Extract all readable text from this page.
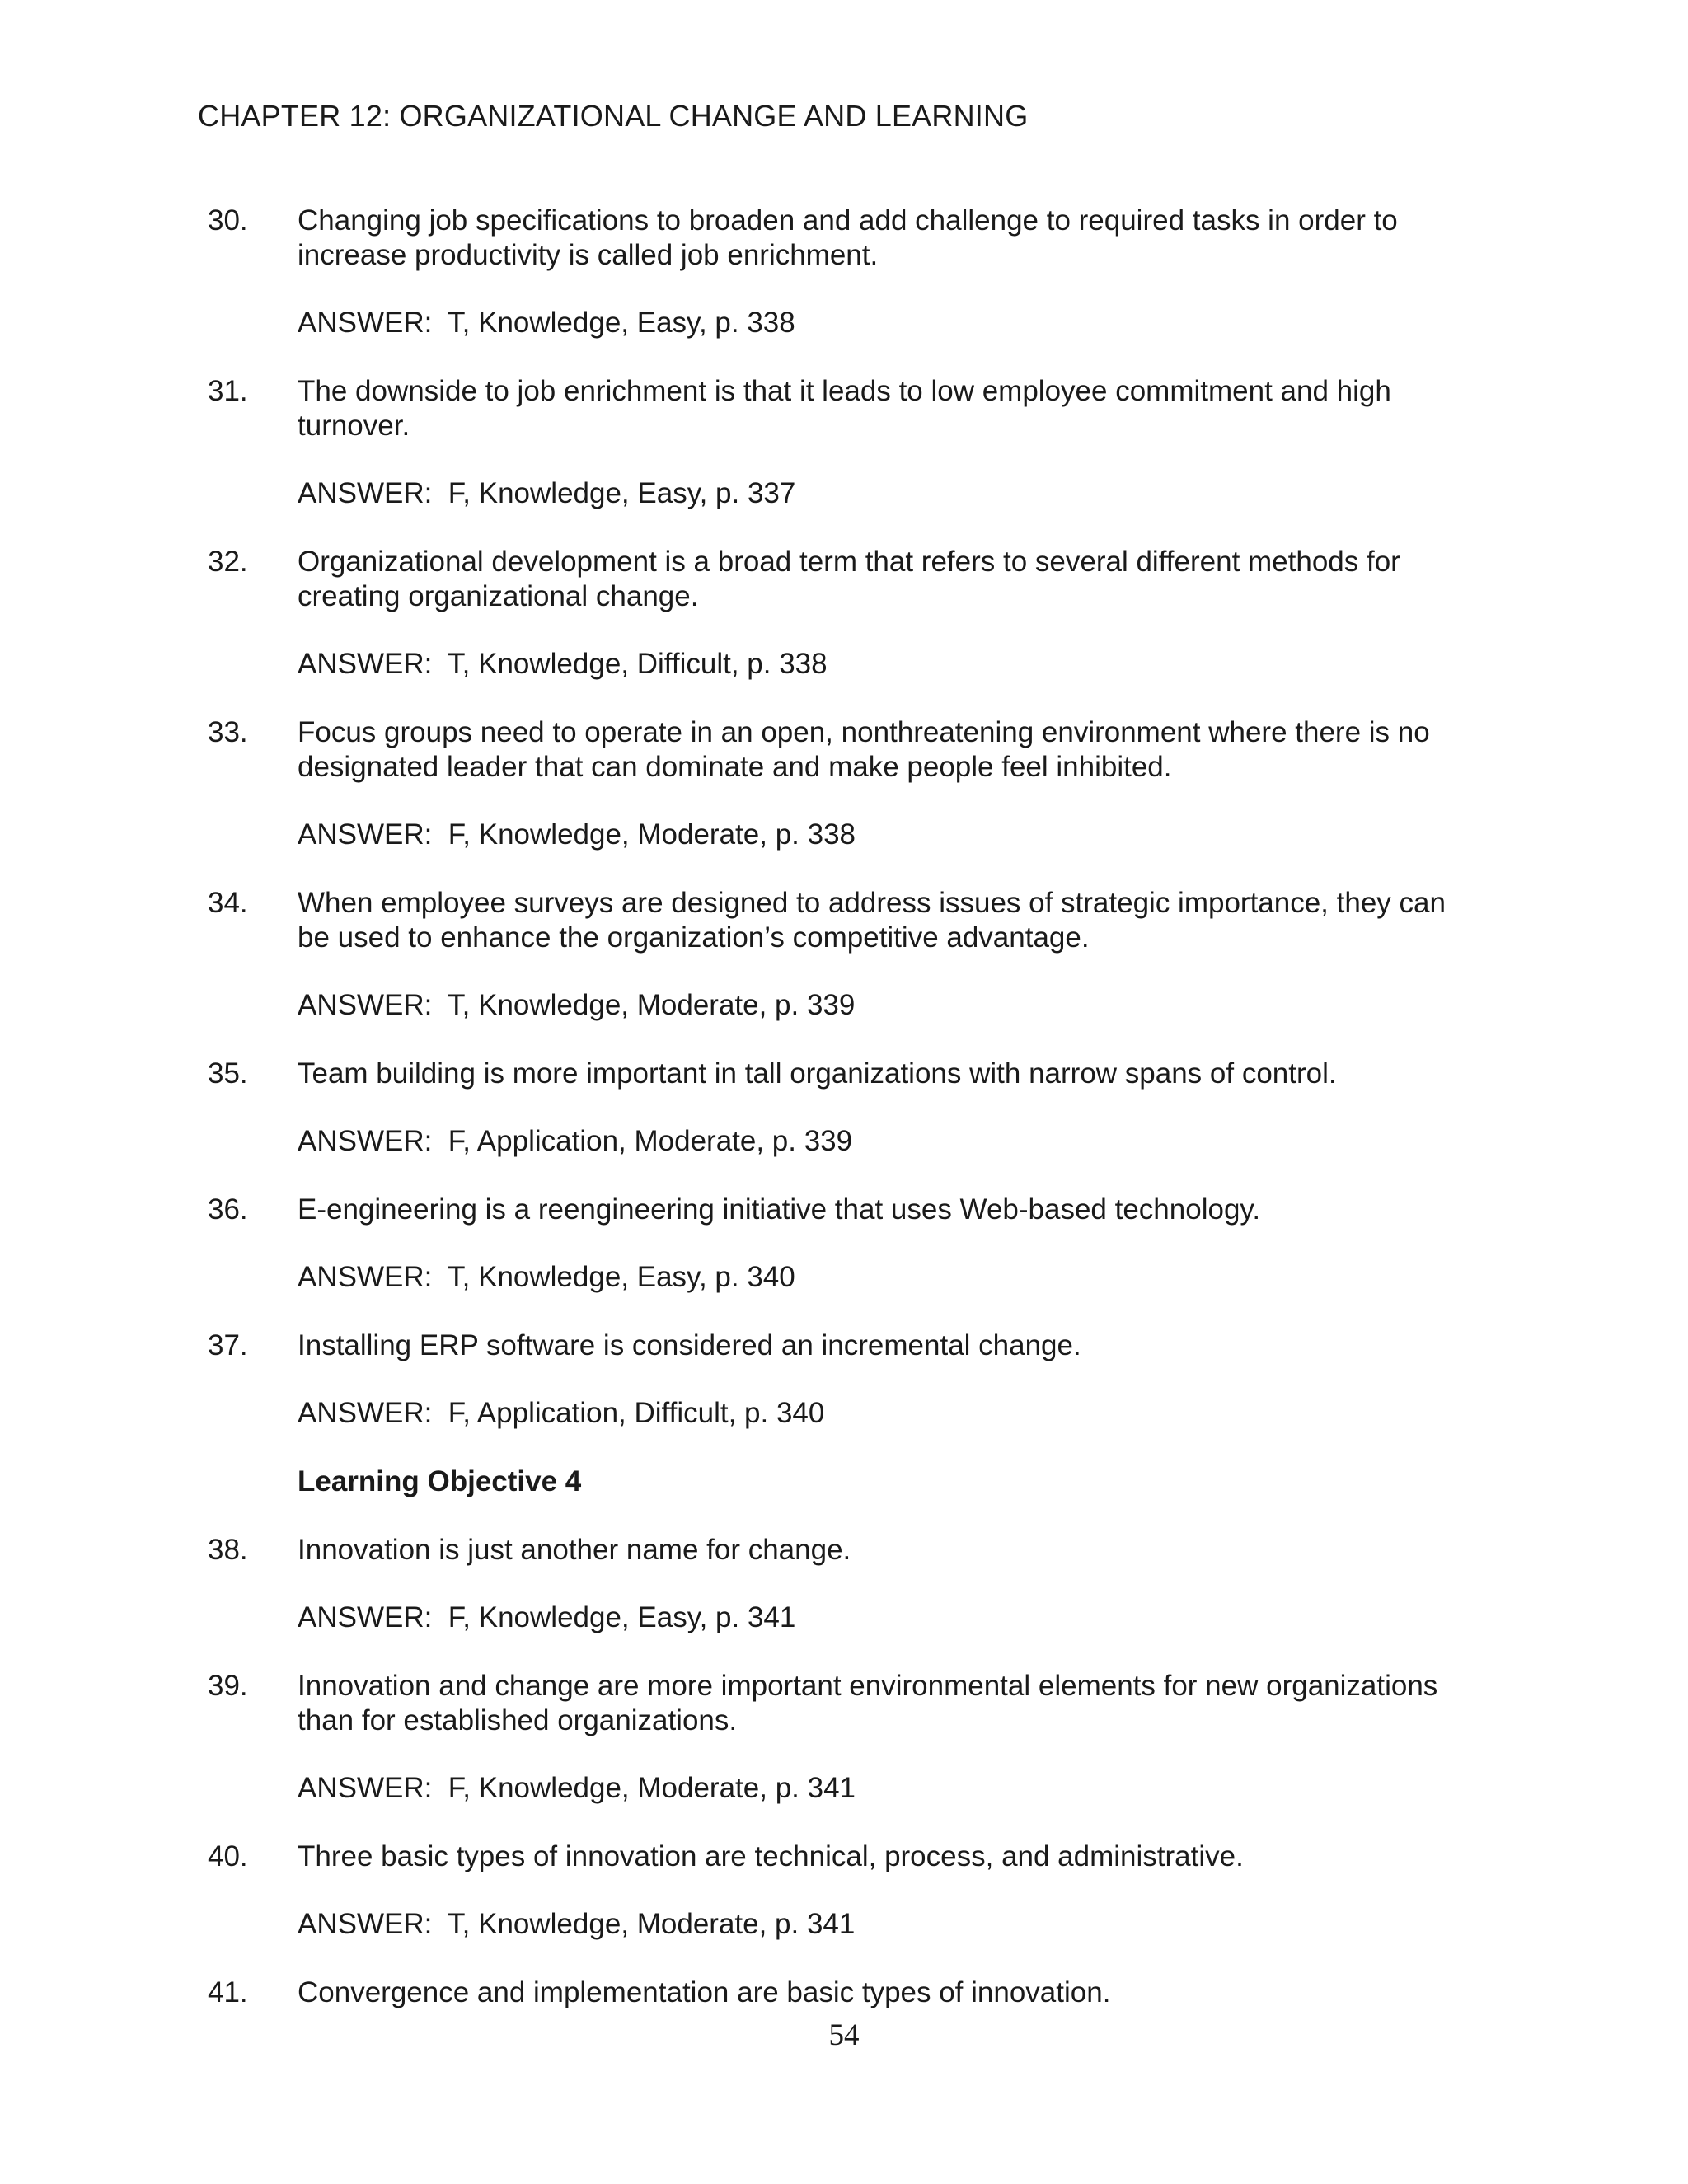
CHAPTER 12: ORGANIZATIONAL CHANGE AND LEARNING
30.	Changing job specifications to broaden and add challenge to required tasks in order to increase productivity is called job enrichment.
ANSWER:  T, Knowledge, Easy, p. 338
31.	The downside to job enrichment is that it leads to low employee commitment and high turnover.
ANSWER:  F, Knowledge, Easy, p. 337
32.	Organizational development is a broad term that refers to several different methods for creating organizational change.
ANSWER:  T, Knowledge, Difficult, p. 338
33.	Focus groups need to operate in an open, nonthreatening environment where there is no designated leader that can dominate and make people feel inhibited.
ANSWER:  F, Knowledge, Moderate, p. 338
34.	When employee surveys are designed to address issues of strategic importance, they can be used to enhance the organization’s competitive advantage.
ANSWER:  T, Knowledge, Moderate, p. 339
35.	Team building is more important in tall organizations with narrow spans of control.
ANSWER:  F, Application, Moderate, p. 339
36.	E-engineering is a reengineering initiative that uses Web-based technology.
ANSWER:  T, Knowledge, Easy, p. 340
37.	Installing ERP software is considered an incremental change.
ANSWER:  F, Application, Difficult, p. 340
Learning Objective 4
38.	Innovation is just another name for change.
ANSWER:  F, Knowledge, Easy, p. 341
39.	Innovation and change are more important environmental elements for new organizations than for established organizations.
ANSWER:  F, Knowledge, Moderate, p. 341
40.	Three basic types of innovation are technical, process, and administrative.
ANSWER:  T, Knowledge, Moderate, p. 341
41.	Convergence and implementation are basic types of innovation.
54
